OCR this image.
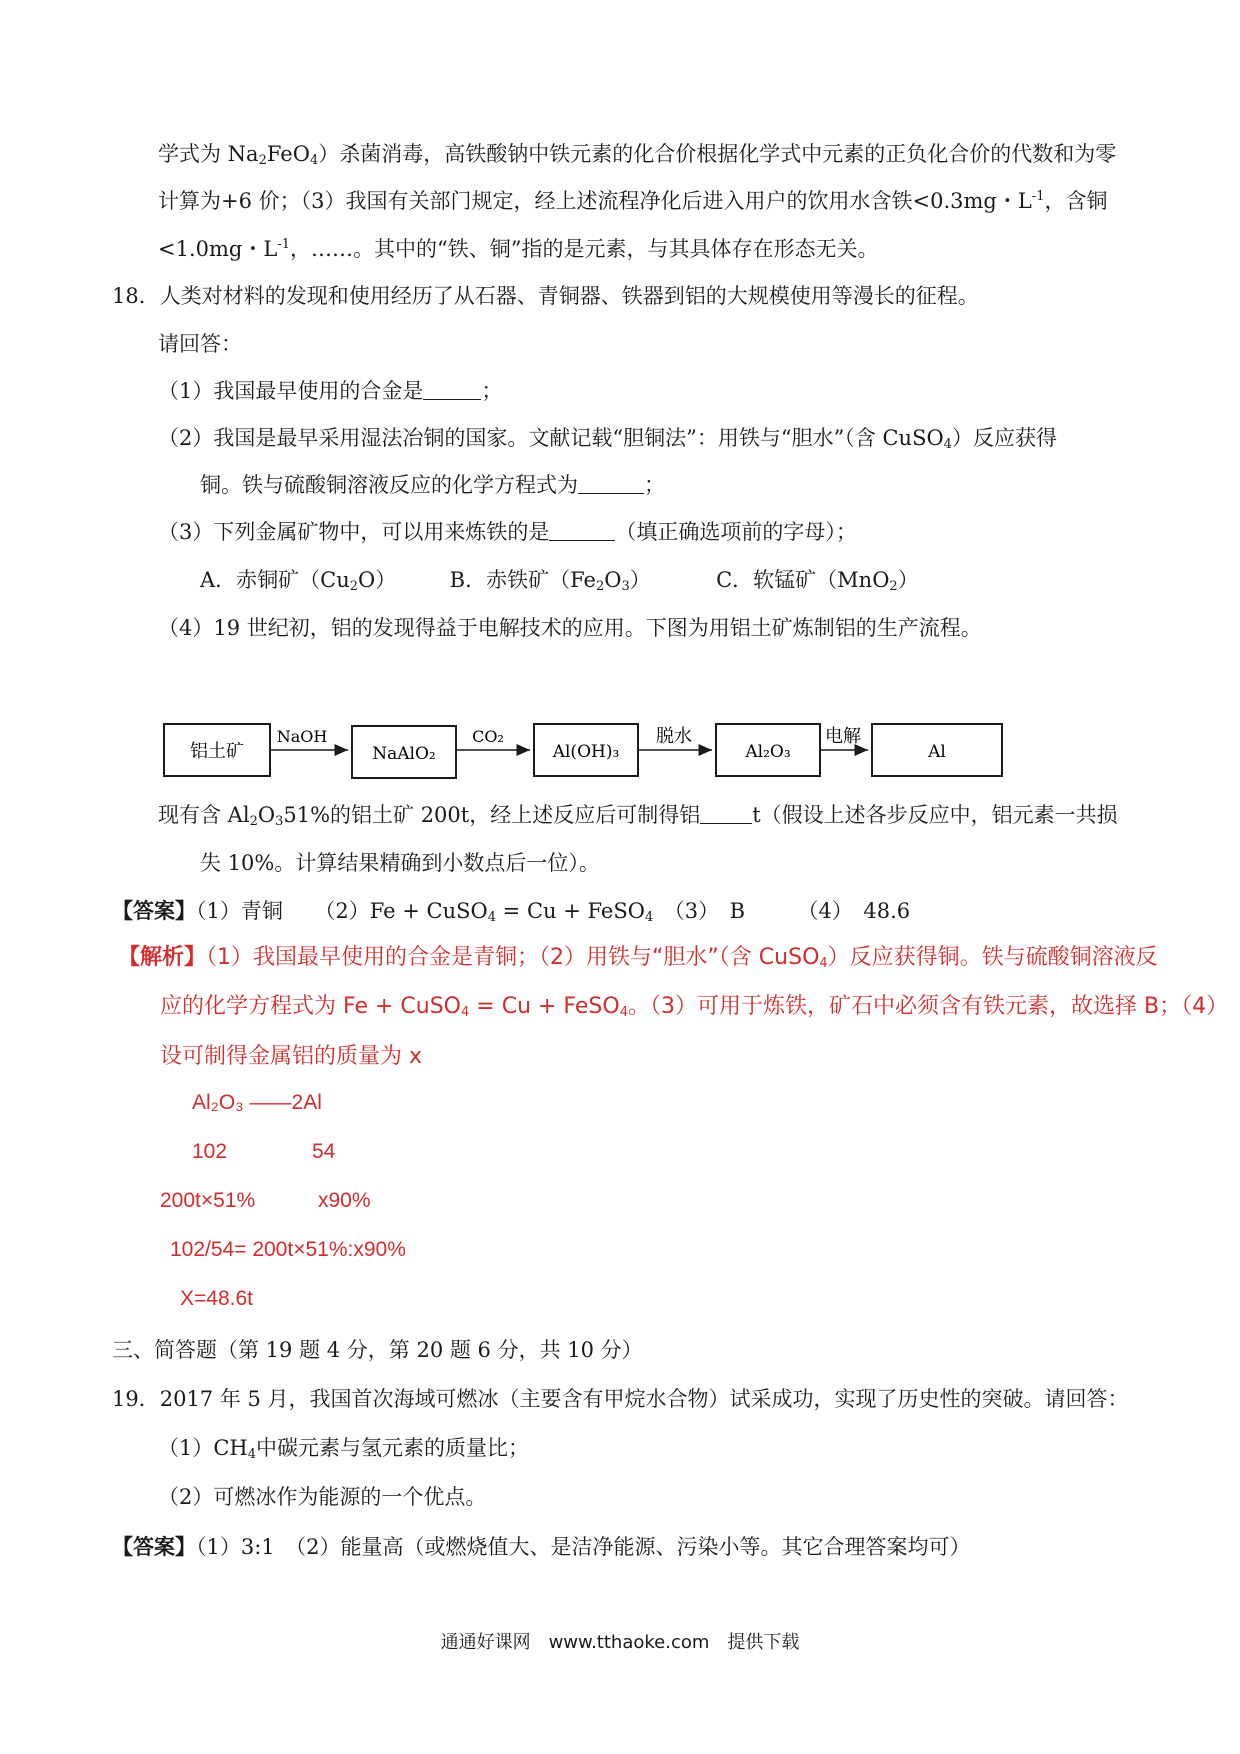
学式为 $Na_2FeO_4$）杀菌消毒，高铁酸钠中铁元素的化合价根据化学式中元素的正负化合价的代数和为零
计算为+6 价；（3）我国有关部门规定，经上述流程净化后进入用户的饮用水含铁<0.3mg・$L^{-1}$，含铜
<1.0mg・$L^{-1}$，……。其中的“铁、铜”指的是元素，与其具体存在形态无关。
18．人类对材料的发现和使用经历了从石器、青铜器、铁器到铝的大规模使用等漫长的征程。
请回答：
（1）我国最早使用的合金是	；
（2）我国是最早采用湿法冶铜的国家。文献记载“胆铜法”：用铁与“胆水”（含 CuSO$_4$）反应获得
铜。铁与硫酸铜溶液反应的化学方程式为	；
（3）下列金属矿物中，可以用来炼铁的是	（填正确选项前的字母）；
A．赤铜矿$(Cu_2O)$	B．赤铁矿$(Fe_2O_3)$	C．软锰矿（MnO$_2$）
（4）19 世纪初，铝的发现得益于电解技术的应用。下图为用铝土矿炼制铝的生产流程。
铝土矿
NaOH
NaAlO₂
CO₂
Al(OH)₃
脱水
Al₂O₃
电解
Al
现有含 $Al_2O_351\%$的铝土矿 200t，经上述反应后可制得铝 t（假设上述各步反应中，铝元素一共损
失 10%。计算结果精确到小数点后一位）。
【答案】（1）青铜　　（2）Fe + CuSO$_4$ = Cu + FeSO$_4$　（3）　B　　　（4）　48.6
【解析】（1）我国最早使用的合金是青铜；（2）用铁与“胆水”（含 CuSO$_4$）反应获得铜。铁与硫酸铜溶液反
应的化学方程式为 Fe + CuSO$_4$ = Cu + FeSO$_4$。（3）可用于炼铁，矿石中必须含有铁元素，故选择 B；（4）
设可制得金属铝的质量为 x
Al₂O₃ ——2Al
102	54
200t×51%	x90%
102/54= 200t×51%:x90%
X=48.6t
三、简答题（第 19 题 4 分，第 20 题 6 分，共 10 分）
19．2017 年 5 月，我国首次海域可燃冰（主要含有甲烷水合物）试采成功，实现了历史性的突破。请回答：
$(1)CH_4$中碳元素与氢元素的质量比；
（2）可燃冰作为能源的一个优点。
【答案】（1）3:1　（2）能量高（或燃烧值大、是洁净能源、污染小等。其它合理答案均可）
通通好课网　www.tthaoke.com　提供下载
